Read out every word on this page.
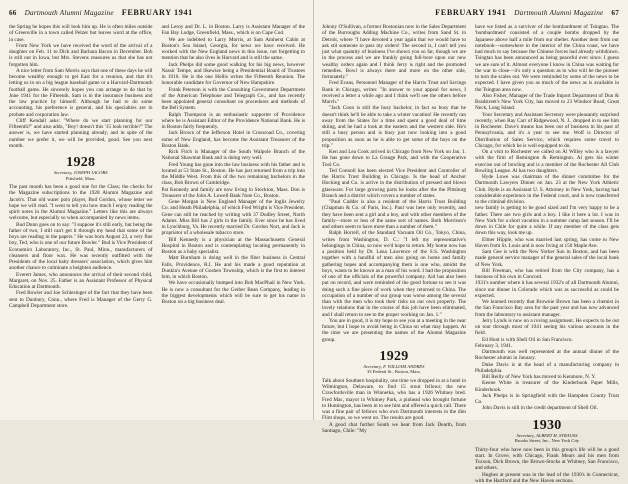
66 Dartmouth Alumni Magazine FEBRUARY 1941

the Spring he hopes this will look him up. He is often miles outside of Greenville in a town called Pelzer but leaves word at the office, in case.

From New York we have received the word of the arrival of a daughter on Feb. 11 to Dick and Barbara Bacon in December. Bob is still out in Iowa, but Mrs. Stevens reassures us that she has not forgotten him.

A nice letter from Sam Morris says that one of these days he will become wealthy enough to get East for a reunion, and that it's letting us in on a big league baseball game or a Harvard-Dartmouth football game. He sincerely hopes you can arrange to do that by June 1941 for the Fifteenth. Sam is in the insurance business and the law practice by himself. Although he had to do some accounting, his preference is general, and his specialties are in probate and corporation law.

Cliff Kendall asks: "Where do we start planning for our Fifteenth?" and also adds, "Boy! doesn't this '15 look terrible?" The answer is, we have started planning already, and in spite of the number we prefer it, we will be provided, good. See you next month.

1928
Secretary, JOSEPH JACOBS
Pittsfield, Mass.

The past month has been a good one for the Class; the checks for the Magazine subscriptions to the 1928 Alumni Magazine and Jacob's. That old water polo player, Bud Gordon, whose letter we hope we will read. "I went to tell you how much I enjoy reading the spirit notes in the Alumni Magazine." Letters like this are always welcome, but especially so when accompanied by news items.

Bud Dunn goes on to say: "I suppose it's still early, but being the father of two, I still can't get it through my head that some of the boys are reading in the papers." He was born August 23, a very fine boy, Ted, who is one of our future Bowler." Bud is Vice President of Economics Laboratory, Inc., St. Paul, Minn., manufacturers of cleansers and floor wax. He was recently outfitted with the Presidents of the local baby dressers' association, which gives him another chance to culminate a heighten audience.

Everett James, who announces the arrival of their second child, Margaret, on Nov. 25. Father is an Assistant Professor of Physical Education at Dartmouth.

Fred Bowler and Joe Schlesinger of the fact that they have been sent to Dunbury, Conn., where Fred is Manager of the Gerry G. Campbell Department store.

and Leroy and Dr. L. in Boston. Larry is Assistant Manager of the Fan Bay Lodge, Greenfield, Mass., which is on Cape Cod.

We are indebted to Larry Morris, at Sam Amherst Cabin at Boston's Sea Island, Georgia, for news we have received. He worked with the New England news in this issue, not forgetting to mention that he also lives in Harvard and is still the same.

Jack Phelps did some good walking for his big news, however Nassir Tempe, and likewise being a Presidential Board of Trustees in 1916. He is the one Hollis writes the Fifteenth Reunion. The honorable candidate for Governor of New Hampshire.

Frank Peterson is with the Consulting Government Department of the American Telephone and Telegraph Co., and has recently been appointed general consultant on procedures and methods of the Bell System.

Ralph Thompson is an enthusiastic supporter of Providence where he is Assistant Editor of the Providence National Bank. He is in Boston fairly frequently.

Jack Brown of the Jefferson Hotel in Crossroad Co., covering some of New England, has become the Assistant Treasurer of the Boston Bank.

Rick Fitch is Manager of the South Walpole Branch of the National Shawmut Bank and is doing very well.

Fred Young has gone into the law business with his father and is located at 53 State St., Boston. He has just returned from a trip into the Middle West. From this of the two remaining bachelors in the class, Bob Brown of Cambridge.

Pat Kennedy and family are now living in Stockton, Mass. Don is Treasurer of the John A. Lowell Bank Note Co., Boston.

Gene Morgan is New England Manager of the Inglis Jewelry Co. and Heath Philadelphia, of which Fred Wright is Vice President. Gene can still be reached by writing with 37 Dudley Street, North Adams. Miss Bill has 2 girls in the family. Ever since he has lived in Lynchburg, Va. He recently married Dr. Gordon Nort, and Jack is proprietor of a wholesale tobacco store.

Bill Kennedy is a physician at the Massachusetts General Hospital in Boston and is contemplating locating permanently in Boston as a baby specialist.

Matt Burnham is doing well in the fiber business in Central Falls, Providence, R.I. He and his made a good reputation at Dunkin's Avenue of Goshen Township, which is the first to interest him, in which Boston.

We have occasionally bumped into Bob MacPhail in New York. He is now a consultant for the Gerber Bean Company, leading in the biggest developments which will be sure to get his name in Boston on a big business deal.

FEBRUARY 1941 Dartmouth Alumni Magazine 67

Johnny O'Sullivan, a former Bostonian now in the Sales Department of the Burroughs Adding Machine Co., writes from Sand St. in Detroit, where "I have devoted a year again that we would have to ask stil someone to pass my orders! The second is, I can't tell you just what quantity of business I've shown you so far, though we are in the process and we are frankly going full-bore upon our new wealthy orders again and I think Jerry is right and the promoted remedies. Bowl is always there and more on the other side, fortunately."

Fred Evans, Personnel Manager of the Harris Trust and Savings Bank in Chicago, writes: "In answer to your appeal for news, I received a letter a while ago and I think we'll see the others before March."

"Jack Coon is still the busy bachelor, in fact so busy that he doesn't think he'll be able to take a winter vacation! He recently ran away from the States for a time and spent a good deal of time skiing, and he had a look at the eastern and the western side. He's still a busy person and is busy just now looking into a good proposition as soon as he is able to get some of the boys on the trip."

Ken and Lea Cook arrived in Chicago from New York on Jan. 1. He has gone down to La Grange Park, and with the Cooperative Tool Co.

Ted Connoll has been elected Vice President and Controller of the Harris Trust Building in Chicago. Is the head of Anchor Hocking and Co. is active in the distribution of pressed and blown glassware. For large growing parts he looks after the the Pittsburg Branch and a district which covers a number of states.

"Paul Cadder is also a resident of the Harris Trust Building (Chapman & Co. of Paris, Inc.). Paul was here only recently, and they have been sent a girl and a boy, and with other members of the family—more or less of the same sort of names. Both Morrison's and others seem to have more than a number of them."

Ralph Horrell, of the Standard Vacuum Oil Co., Tokyo, China, writes from Washington, D. C.: "I left my representative's belongings in China, so now we'd hope to return. My home now has a position held by Dr. Lena Lawrence of the S.S. Washington together with a handful of men also going on home and family gathering hopes and accompanying them is one who, amidst the boys, wants to be known as a man of his word. I had the proposition of one of the officials of the powerful company. Aid has also been put on record, and were reminded of the good fortune to see it was doing such a fine piece of work when they returned to China. The occupation of a number of our group was worse among the several than with the men who took their risks on our own property. The lovely relations that in the course of this job have been eliminated, and I shall return to see to the proper working on Jan. 1."

You are in good, it is my hope to see you at a meeting in the near future, but I hope to avoid being in China on what may happen. At the time we are presenting the names of the Alumni Magazine group.

1929
Secretary, F. WILLIAM ANDRES
33 Federal St., Boston, Mass.

Talk about Southern hospitality, one time we dropped in at a hotel in Wilmington, Delaware, to find 15 stout fellows; the new Crawfordsville man in Winnetka, who has a 1926 Whitney bred. Fred Mac, mayor in Whitney Park, a pinhead who brought fortune to Huntington, has been in to see him and offered a quick call. There was a fine pair of fellows who own Dartmouth interests in the dim Flint shops, so we went on. The results are good.

A good chat further South we hear from Jack Dearth, from Santiago, Chile: "My

have we listed as a survivor of the bombardment of Tsingtao. The 'bombardment' consisted of a couple bombs dropped by the Japanese above half a mile from our shelter. Another item from our notebook—somewhere in the interior of the China coast, we have had much to say because the Chinese forces had already withdrawn. Tsingtao has been announced as being peaceful ever since. I guess we are sure of it. Almost everyone I know in China was waiting for the war to close—it's only a question as to who will be the pioneer to turn the scales out. We were reminded by some of the news to be expected. I have given you as much of the news as is available in the Tsingtao area now.

Also Fisher, Manager of the Trade Import Department of Dun & Bradstreet's New York City, has moved to 23 Windsor Road, Great Neck, Long Island.

Your Secretary and Assistant Secretary were pleasantly surprised recently, when Ray Carr of Ridgewood, N. J., dropped in to see him in Rochester. Dave's means has been out of business in his past of Pennsylvania, and it's a year to see me. Wolf is Director of Distribution of Sales Service, which requires some travel to Chicago, for which he is well equipped to do.

On a visit to Rochester we called on Al Willey who is a lawyer with the firm of Remington & Remington. Al gets his winter exercise out of bowling and is a member of the Rochester All Club Bowling League. Al has two daughters.

Hyde Lowe was chairman of the dinner committee for the Dartmouth Lawyers Dinner on Jan. 23 at the New York Athletic Club. Hyde is an Assistant U. S. Attorney in New York, having had considerable experience in the Federal court, and is now transferred to the criminal division.

new family is getting to be good sized and I'm very happy to be a father. There are two girls and a boy. I like it here a lot. I was in New York for a short vacation in a summer camp last season. I'll be down in Chile for quite a while. If any member of the class gets down this way, look me up.

Elmer Hipple, who was married last spring, has come to New Haven from St. Louis and is now living at 150 Maple Ave.

Sam Gee is with the New Yorker Sun in Boston, and has been made general service manager of the general sales of the local bank of New York.

Bill Freeman, who has retired from the City company, has a business of his own in Concord.

1931's number where it has several 1932's of all Dartmouth Alumni, since our dinner in Colorado which was as successful as could be expected.

We learned recently that Brownie Brown has been a chemist in the San Francisco Bay area for the past year and has now advanced from the laboratory to assistant manager.

Jerry Lynds is now on a roving assignment. He expects to be out on tour through most of 1941 seeing his various accounts in the field.

Ed Hunt is with Shell Oil in San Francisco.

February 3, 1941.

Dartmouth was well represented at the annual dinner of the Rochester alumni in January.

Duke Davis is at the head of a manufacturing company in Philadelphia.

Bill Reilly of New York has moved to Kenmore, N. Y.

Keene White is treasurer of the Kinderhook Paper Mills, Kinderhook.

Jack Phelps is in Springfield with the Hampden County Trust Co.

John Davis is still in the credit department of Shell Oil.

1930
Secretary, ALBERT H. STRAUSS
Brooks Street, Inc., New York City

Thirty-four who have now been in this group's life will be a good start. In Grove, with Chicago, Frank Mears and his men from Tucson, Dick Brown, the Brown-Stocks at Whitney, San Francisco, and others.

Hughes at present was in the lead of the 1930's in Connecticut, with the Hartford and the New Haven sections.
